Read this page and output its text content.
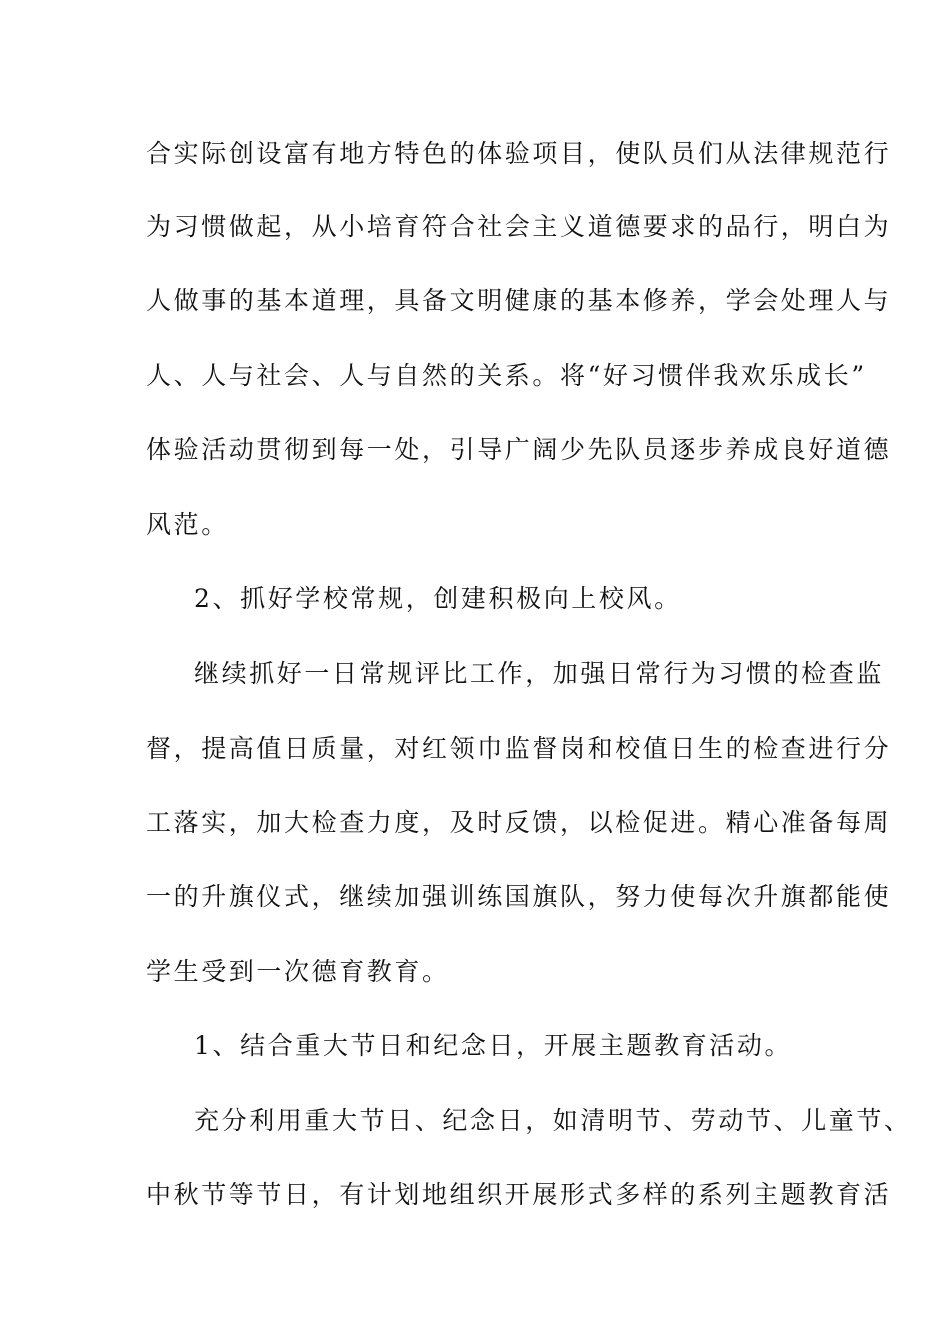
合实际创设富有地方特色的体验项目，使队员们从法律规范行
为习惯做起，从小培育符合社会主义道德要求的品行，明白为
人做事的基本道理，具备文明健康的基本修养，学会处理人与
人、人与社会、人与自然的关系。将“好习惯伴我欢乐成长”
体验活动贯彻到每一处，引导广阔少先队员逐步养成良好道德
风范。
2、抓好学校常规，创建积极向上校风。
继续抓好一日常规评比工作，加强日常行为习惯的检查监
督，提高值日质量，对红领巾监督岗和校值日生的检查进行分
工落实，加大检查力度，及时反馈，以检促进。精心准备每周
一的升旗仪式，继续加强训练国旗队，努力使每次升旗都能使
学生受到一次德育教育。
1、结合重大节日和纪念日，开展主题教育活动。
充分利用重大节日、纪念日，如清明节、劳动节、儿童节、
中秋节等节日，有计划地组织开展形式多样的系列主题教育活
